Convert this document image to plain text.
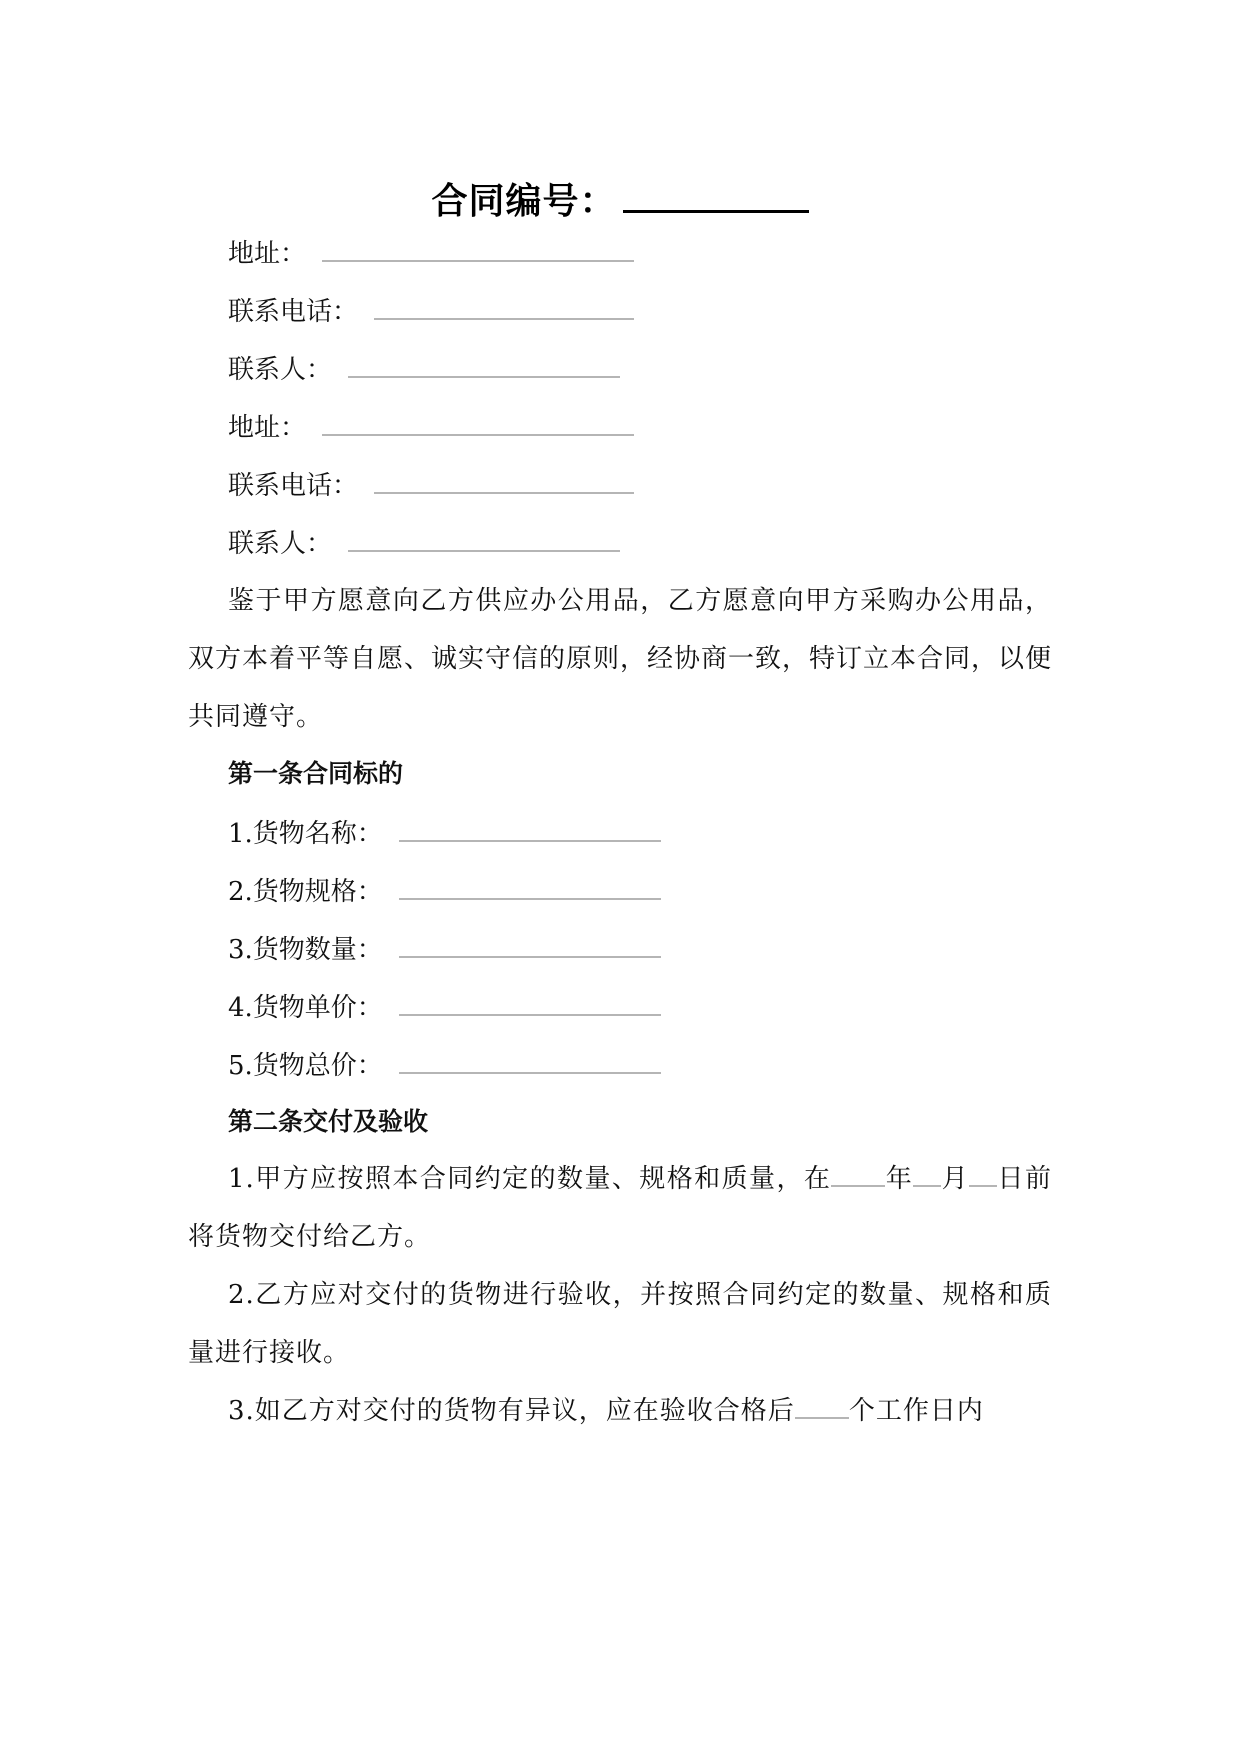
合同编号：
地址：
联系电话：
联系人：
地址：
联系电话：
联系人：
鉴于甲方愿意向乙方供应办公用品，乙方愿意向甲方采购办公用品，双方本着平等自愿、诚实守信的原则，经协商一致，特订立本合同，以便共同遵守。
第一条合同标的
1.货物名称：
2.货物规格：
3.货物数量：
4.货物单价：
5.货物总价：
第二条交付及验收
1.甲方应按照本合同约定的数量、规格和质量，在 年 月 日前将货物交付给乙方。
2.乙方应对交付的货物进行验收，并按照合同约定的数量、规格和质量进行接收。
3.如乙方对交付的货物有异议，应在验收合格后 个工作日内
